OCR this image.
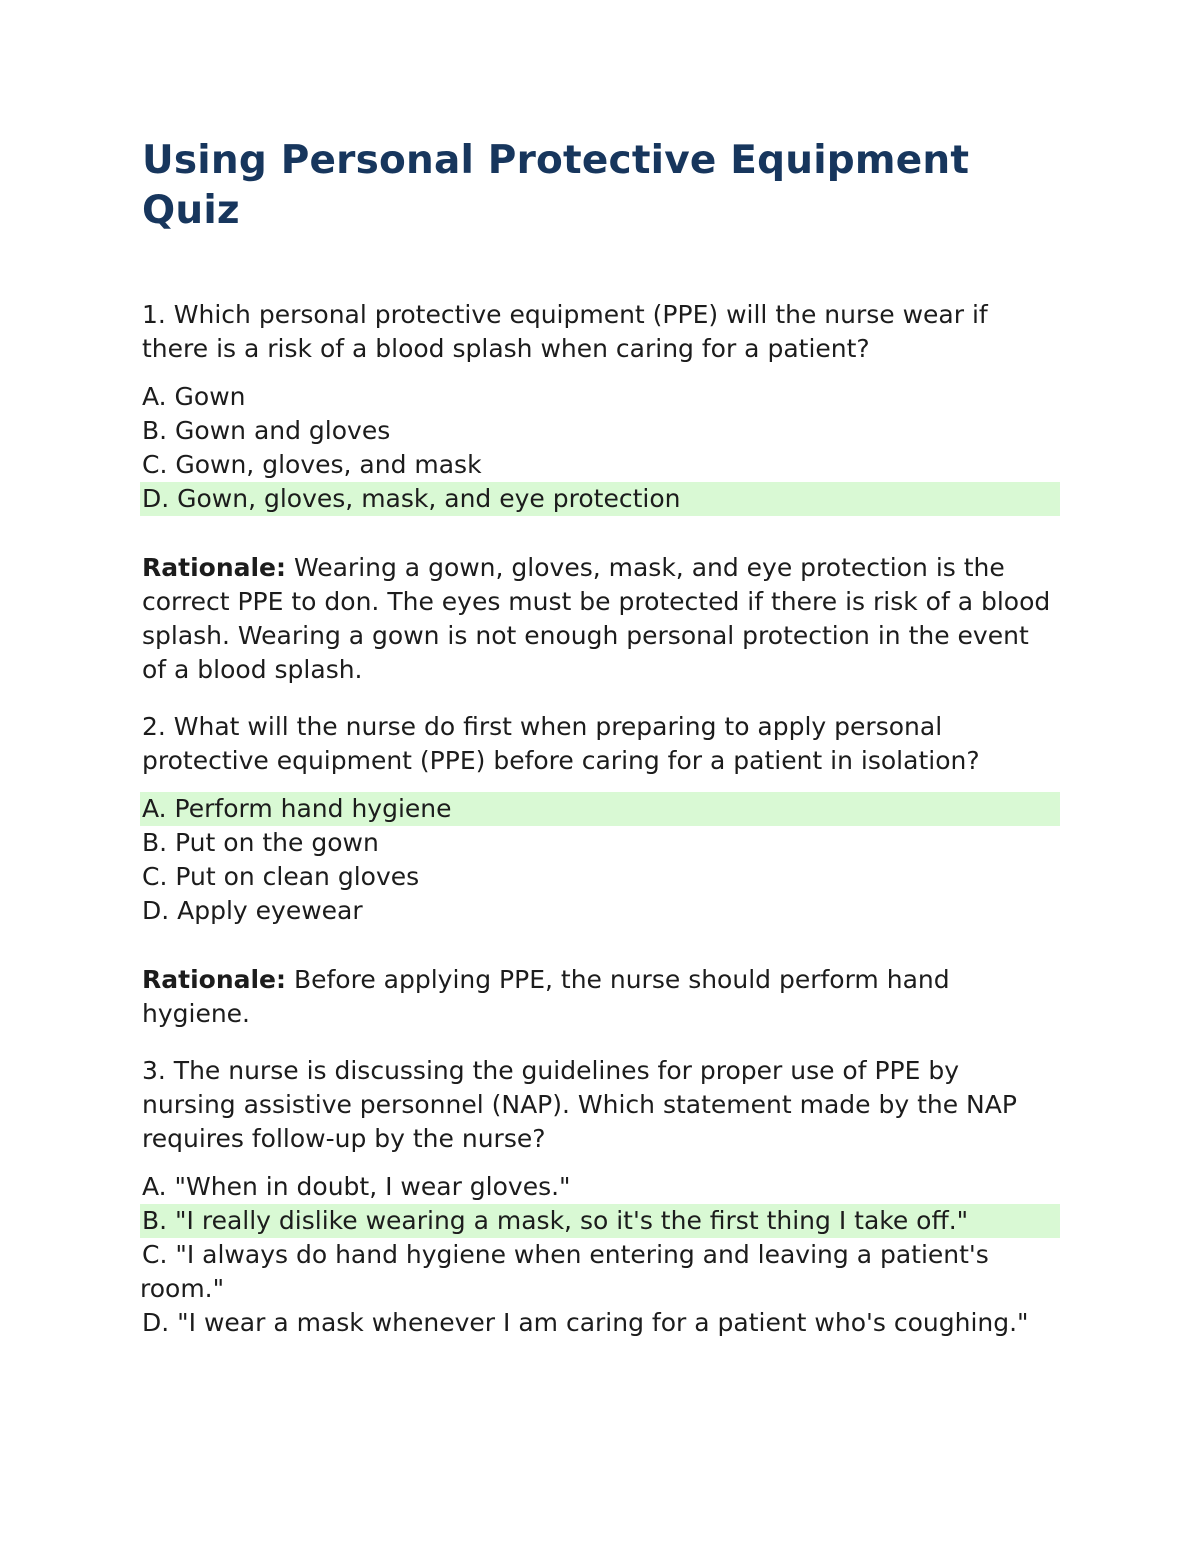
Using Personal Protective Equipment Quiz

1. Which personal protective equipment (PPE) will the nurse wear if there is a risk of a blood splash when caring for a patient?

A. Gown
B. Gown and gloves
C. Gown, gloves, and mask
D. Gown, gloves, mask, and eye protection

Rationale: Wearing a gown, gloves, mask, and eye protection is the correct PPE to don. The eyes must be protected if there is risk of a blood splash. Wearing a gown is not enough personal protection in the event of a blood splash.

2. What will the nurse do first when preparing to apply personal protective equipment (PPE) before caring for a patient in isolation?

A. Perform hand hygiene
B. Put on the gown
C. Put on clean gloves
D. Apply eyewear

Rationale: Before applying PPE, the nurse should perform hand hygiene.

3. The nurse is discussing the guidelines for proper use of PPE by nursing assistive personnel (NAP). Which statement made by the NAP requires follow-up by the nurse?

A. "When in doubt, I wear gloves."
B. "I really dislike wearing a mask, so it's the first thing I take off."
C. "I always do hand hygiene when entering and leaving a patient's room."
D. "I wear a mask whenever I am caring for a patient who's coughing."
